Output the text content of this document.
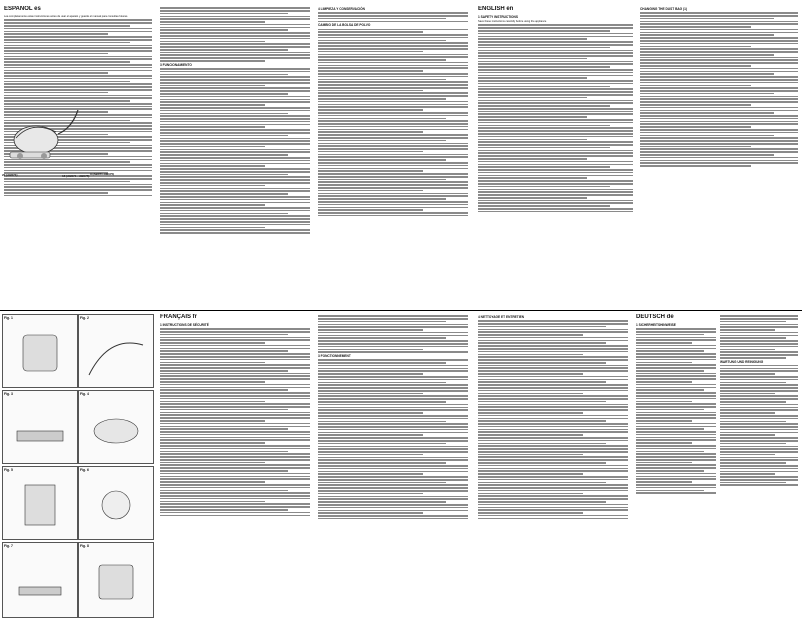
ESPAÑOL es

Lea completamente estas instrucciones antes de usar el aparato y guarde el manual para consultas futuras.

20 (AB071)	18 (AB071 - AB075) 3 (AB071-AB075)
3 FUNCIONAMIENTO
4 LIMPIEZA Y CONSERVACIÓN
CAMBIO DE LA BOLSA DE POLVO
ENGLISH en
1 SAFETY INSTRUCTIONS

Save these instructions carefully before using the appliance

CHANGING THE DUST BAG (1)
Fig. 1	Fig. 2
Fig. 3	Fig. 4
Fig. 5	Fig. 6
Fig. 7	Fig. 8
FRANÇAIS fr
1 INSTRUCTIONS DE SÉCURITÉ
3 FONCTIONNEMENT
4 NETTOYAGE ET ENTRETIEN	DEUTSCH de
1 SICHERHEITSHINWEISE
WARTUNG UND REINIGUNG
